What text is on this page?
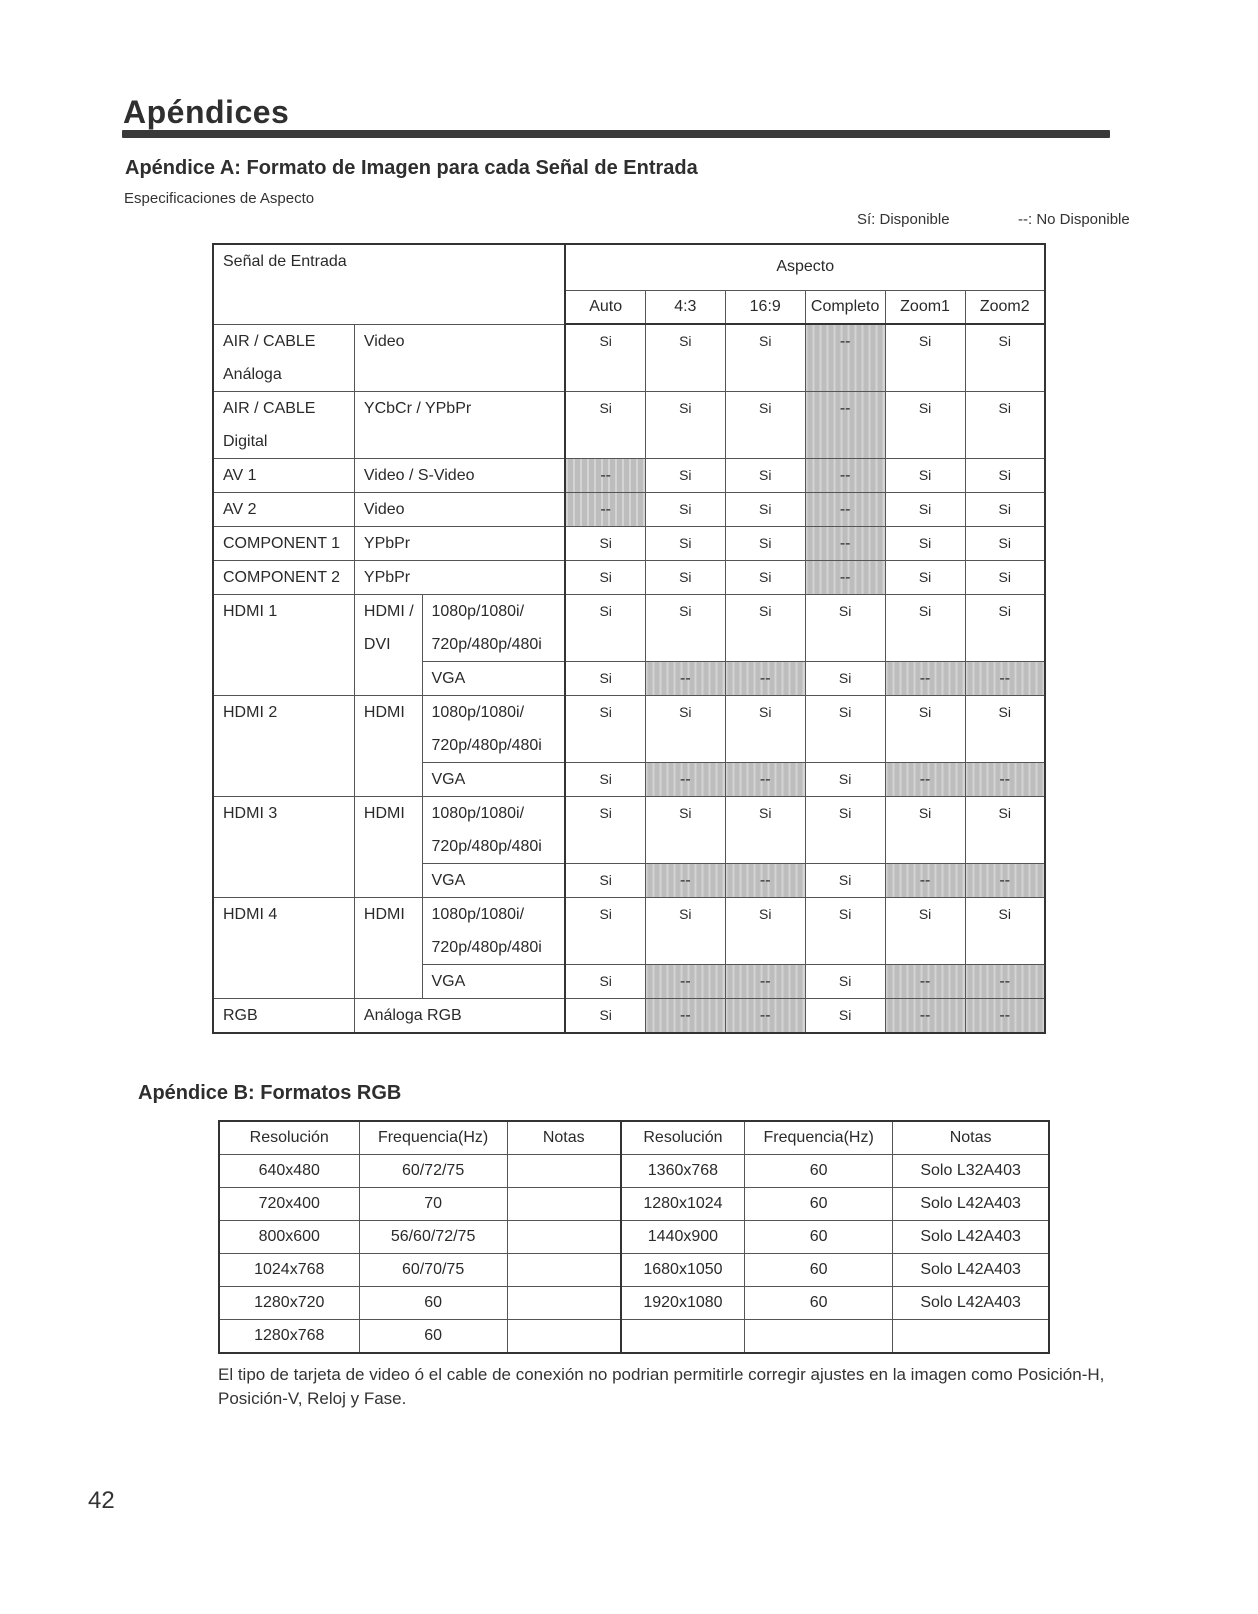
Apéndices
Apéndice A: Formato de Imagen para cada Señal de Entrada
Especificaciones de Aspecto
Sí: Disponible	--: No Disponible
Señal de Entrada			Aspecto					
			Auto	4:3	16:9	Completo	Zoom1	Zoom2
AIR / CABLE Análoga	Video		Si	Si	Si	--	Si	Si
AIR / CABLE Digital	YCbCr / YPbPr		Si	Si	Si	--	Si	Si
AV 1	Video / S-Video		--	Si	Si	--	Si	Si
AV 2	Video		--	Si	Si	--	Si	Si
COMPONENT 1	YPbPr		Si	Si	Si	--	Si	Si
COMPONENT 2	YPbPr		Si	Si	Si	--	Si	Si
HDMI 1	HDMI / DVI	1080p/1080i/ 720p/480p/480i	Si	Si	Si	Si	Si	Si
		VGA	Si	--	--	Si	--	--
HDMI 2	HDMI	1080p/1080i/ 720p/480p/480i	Si	Si	Si	Si	Si	Si
		VGA	Si	--	--	Si	--	--
HDMI 3	HDMI	1080p/1080i/ 720p/480p/480i	Si	Si	Si	Si	Si	Si
		VGA	Si	--	--	Si	--	--
HDMI 4	HDMI	1080p/1080i/ 720p/480p/480i	Si	Si	Si	Si	Si	Si
		VGA	Si	--	--	Si	--	--
RGB	Análoga RGB		Si	--	--	Si	--	--
Apéndice B: Formatos RGB
Resolución	Frequencia(Hz)	Notas	Resolución	Frequencia(Hz)	Notas
640x480	60/72/75		1360x768	60	Solo L32A403
720x400	70		1280x1024	60	Solo L42A403
800x600	56/60/72/75		1440x900	60	Solo L42A403
1024x768	60/70/75		1680x1050	60	Solo L42A403
1280x720	60		1920x1080	60	Solo L42A403
1280x768	60				
El tipo de tarjeta de video ó el cable de conexión no podrian permitirle corregir ajustes en la imagen como Posición-H, Posición-V, Reloj y Fase.
42
